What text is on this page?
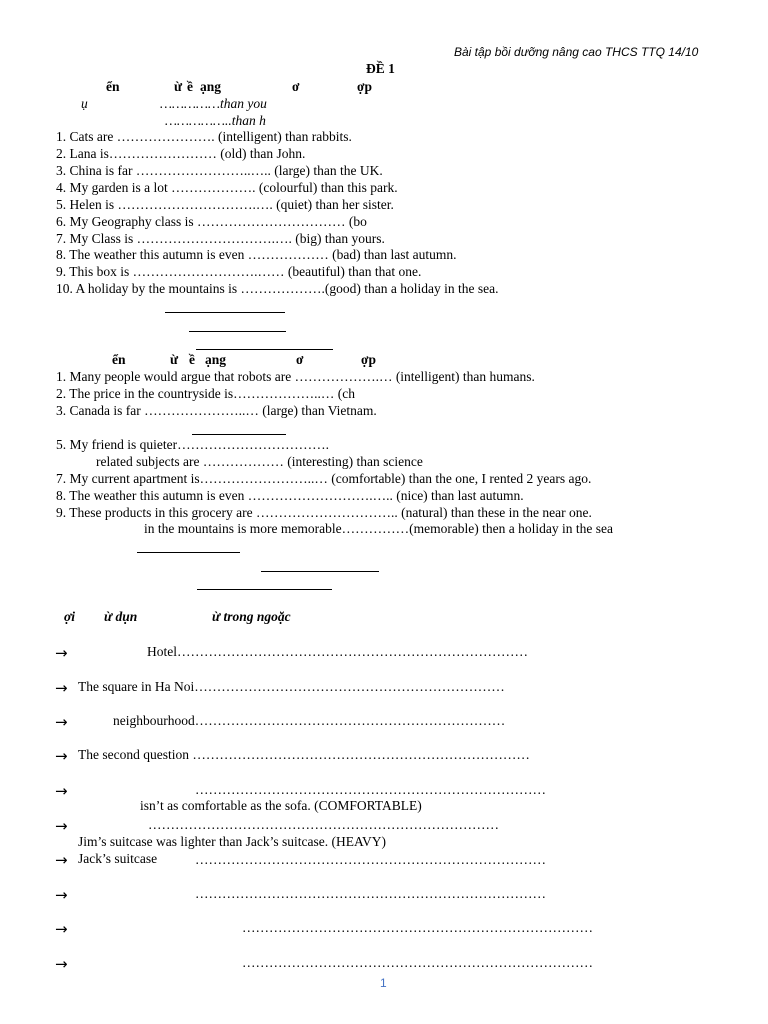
Bài tập bồi dưỡng nâng cao THCS TTQ 14/10
ĐỀ 1
ển	ừ ề ạng	ơ	ợp
ụ	……………than you
……………..than h
1. Cats are …………………. (intelligent) than rabbits.
2. Lana is…………………… (old) than John.
3. China is far ……………………..….. (large) than the UK.
4. My garden is a lot ………………. (colourful) than this park.
5. Helen is ………………………….…. (quiet) than her sister.
6. My Geography class is …………………………… (bo
7. My Class is ………………………….…. (big) than yours.
8. The weather this autumn is even ……………… (bad) than last autumn.
9. This box is ……………………….…… (beautiful) than that one.
10. A holiday by the mountains is ……………….(good) than a holiday in the sea.
ển	ừ ề ạng	ơ	ợp
1. Many people would argue that robots are ……………….… (intelligent) than humans.
2. The price in the countryside is………………..… (ch
3. Canada is far …………………..… (large) than Vietnam.
5. My friend is quieter…………………………….
related subjects are ……………… (interesting) than science
7. My current apartment is……………………..… (comfortable) than the one, I rented 2 years ago.
8. The weather this autumn is even ……………………….….. (nice) than last autumn.
9. These products in this grocery are ………………………….. (natural) than these in the near one.
in the mountains is more memorable……………(memorable) then a holiday in the sea
ợi ừ dụn	ừ trong ngoặc
→	Hotel……………………………………………………………………
→ The square in Ha Noi……………………………………………………………
→	neighbourhood……………………………………………………………
→ The second question …………………………………………………………………
→	……………………………………………………………………
isn’t as comfortable as the sofa. (COMFORTABLE)
→	……………………………………………………………………
Jim’s suitcase was lighter than Jack’s suitcase. (HEAVY)
→ Jack’s suitcase	……………………………………………………………………
→	……………………………………………………………………
→	……………………………………………………………………
→	……………………………………………………………………
1
